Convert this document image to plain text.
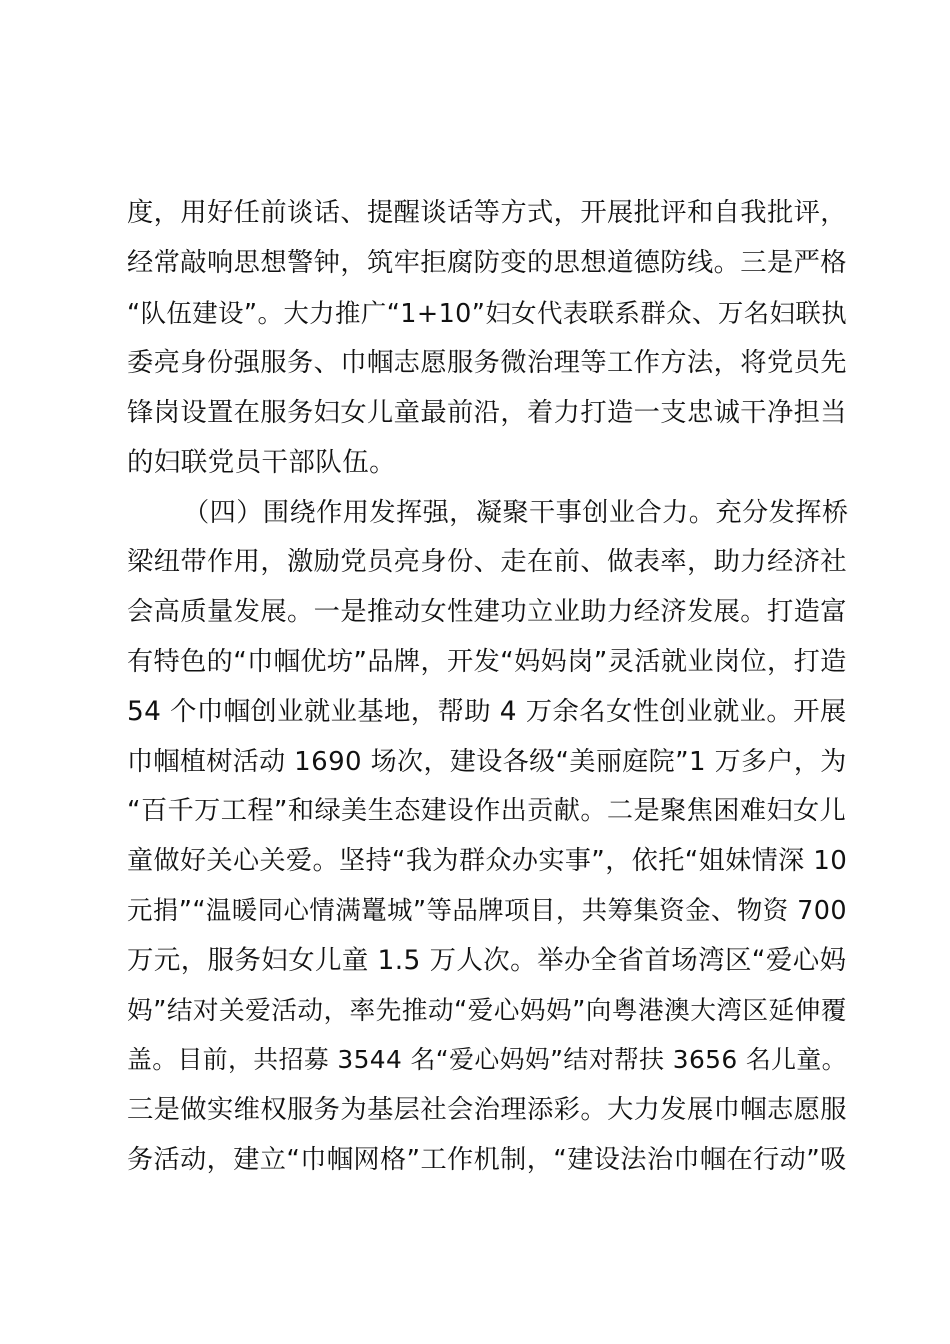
度，用好任前谈话、提醒谈话等方式，开展批评和自我批评，
经常敲响思想警钟，筑牢拒腐防变的思想道德防线。三是严格
“队伍建设”。大力推广“1+10”妇女代表联系群众、万名妇联执
委亮身份强服务、巾帼志愿服务微治理等工作方法，将党员先
锋岗设置在服务妇女儿童最前沿，着力打造一支忠诚干净担当
的妇联党员干部队伍。
（四）围绕作用发挥强，凝聚干事创业合力。充分发挥桥
梁纽带作用，激励党员亮身份、走在前、做表率，助力经济社
会高质量发展。一是推动女性建功立业助力经济发展。打造富
有特色的“巾帼优坊”品牌，开发“妈妈岗”灵活就业岗位，打造
54 个巾帼创业就业基地，帮助 4 万余名女性创业就业。开展
巾帼植树活动 1690 场次，建设各级“美丽庭院”1 万多户，为
“百千万工程”和绿美生态建设作出贡献。二是聚焦困难妇女儿
童做好关心关爱。坚持“我为群众办实事”，依托“姐妹情深 10
元捐”“温暖同心情满鼍城”等品牌项目，共筹集资金、物资 700
万元，服务妇女儿童 1.5 万人次。举办全省首场湾区“爱心妈
妈”结对关爱活动，率先推动“爱心妈妈”向粤港澳大湾区延伸覆
盖。目前，共招募 3544 名“爱心妈妈”结对帮扶 3656 名儿童。
三是做实维权服务为基层社会治理添彩。大力发展巾帼志愿服
务活动，建立“巾帼网格”工作机制，“建设法治巾帼在行动”吸
